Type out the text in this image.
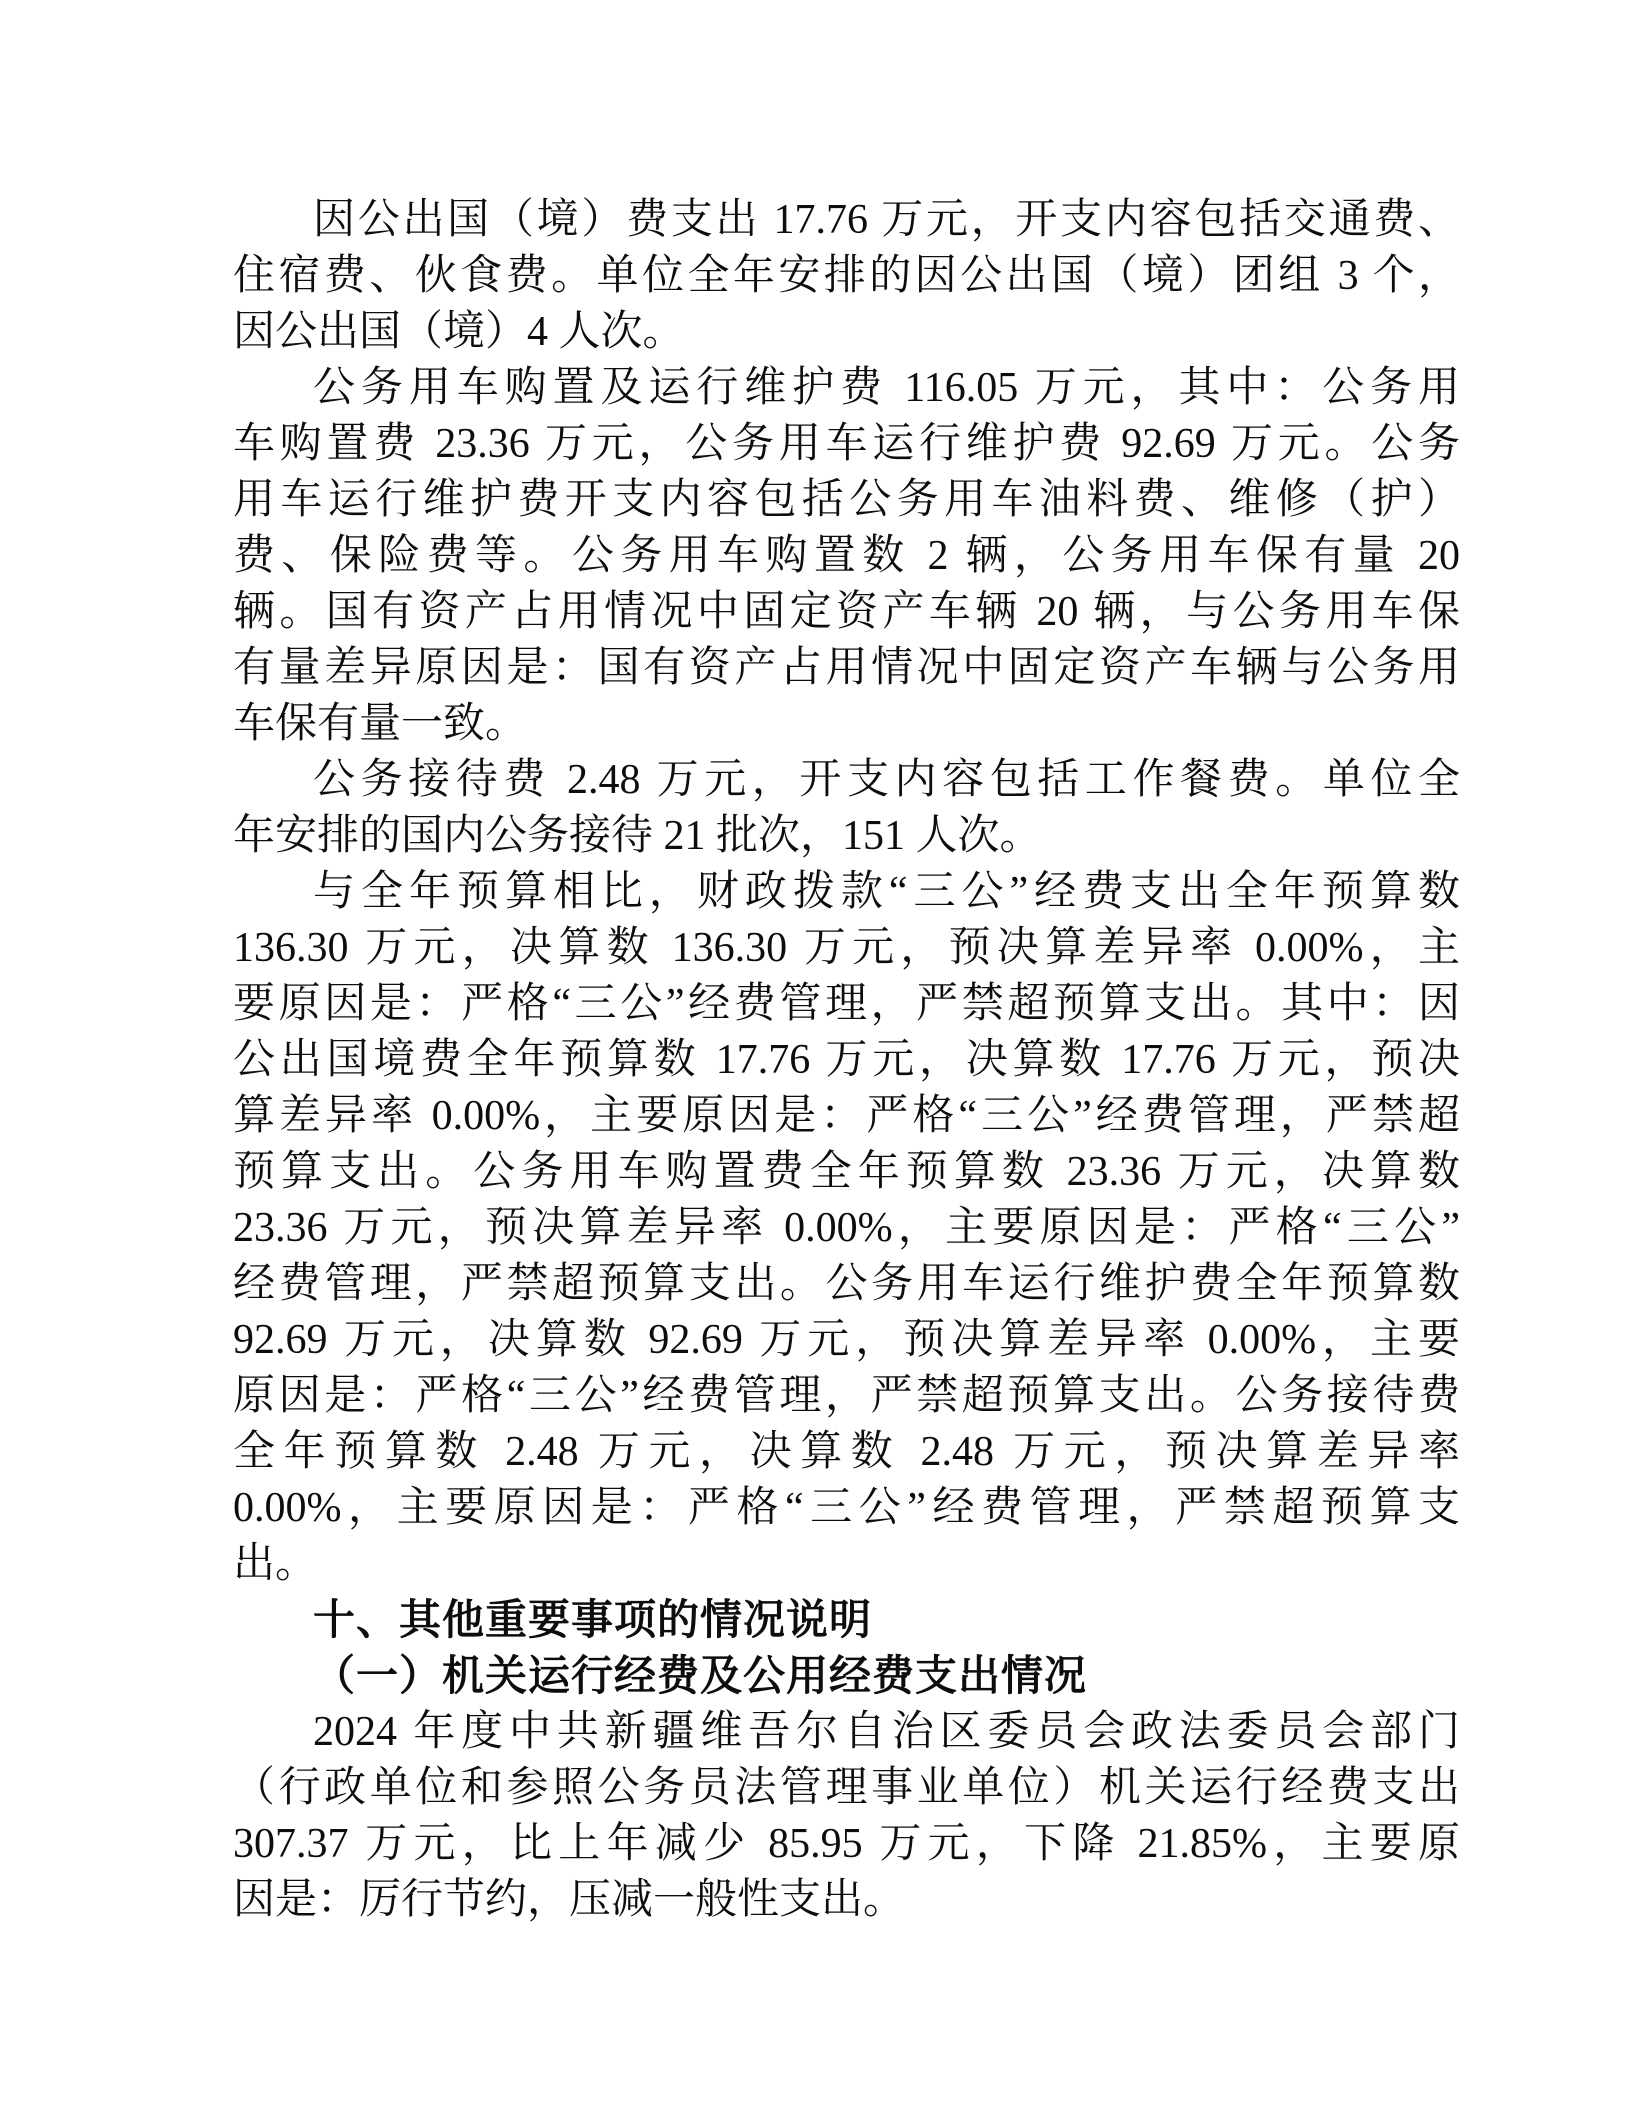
因公出国（境）费支出 17.76 万元，开支内容包括交通费、
住宿费、伙食费。单位全年安排的因公出国（境）团组 3 个，
因公出国（境）4 人次。
公务用车购置及运行维护费 116.05 万元，其中：公务用
车购置费 23.36 万元，公务用车运行维护费 92.69 万元。公务
用车运行维护费开支内容包括公务用车油料费、维修（护）
费、保险费等。公务用车购置数 2 辆，公务用车保有量 20
辆。国有资产占用情况中固定资产车辆 20 辆，与公务用车保
有量差异原因是：国有资产占用情况中固定资产车辆与公务用
车保有量一致。
公务接待费 2.48 万元，开支内容包括工作餐费。单位全
年安排的国内公务接待 21 批次，151 人次。
与全年预算相比，财政拨款“三公”经费支出全年预算数
136.30 万元，决算数 136.30 万元，预决算差异率 0.00%，主
要原因是：严格“三公”经费管理，严禁超预算支出。其中：因
公出国境费全年预算数 17.76 万元，决算数 17.76 万元，预决
算差异率 0.00%，主要原因是：严格“三公”经费管理，严禁超
预算支出。公务用车购置费全年预算数 23.36 万元，决算数
23.36 万元，预决算差异率 0.00%，主要原因是：严格“三公”
经费管理，严禁超预算支出。公务用车运行维护费全年预算数
92.69 万元，决算数 92.69 万元，预决算差异率 0.00%，主要
原因是：严格“三公”经费管理，严禁超预算支出。公务接待费
全年预算数 2.48 万元，决算数 2.48 万元，预决算差异率
0.00%，主要原因是：严格“三公”经费管理，严禁超预算支
出。
十、其他重要事项的情况说明
（一）机关运行经费及公用经费支出情况
2024 年度中共新疆维吾尔自治区委员会政法委员会部门
（行政单位和参照公务员法管理事业单位）机关运行经费支出
307.37 万元，比上年减少 85.95 万元，下降 21.85%，主要原
因是：厉行节约，压减一般性支出。
